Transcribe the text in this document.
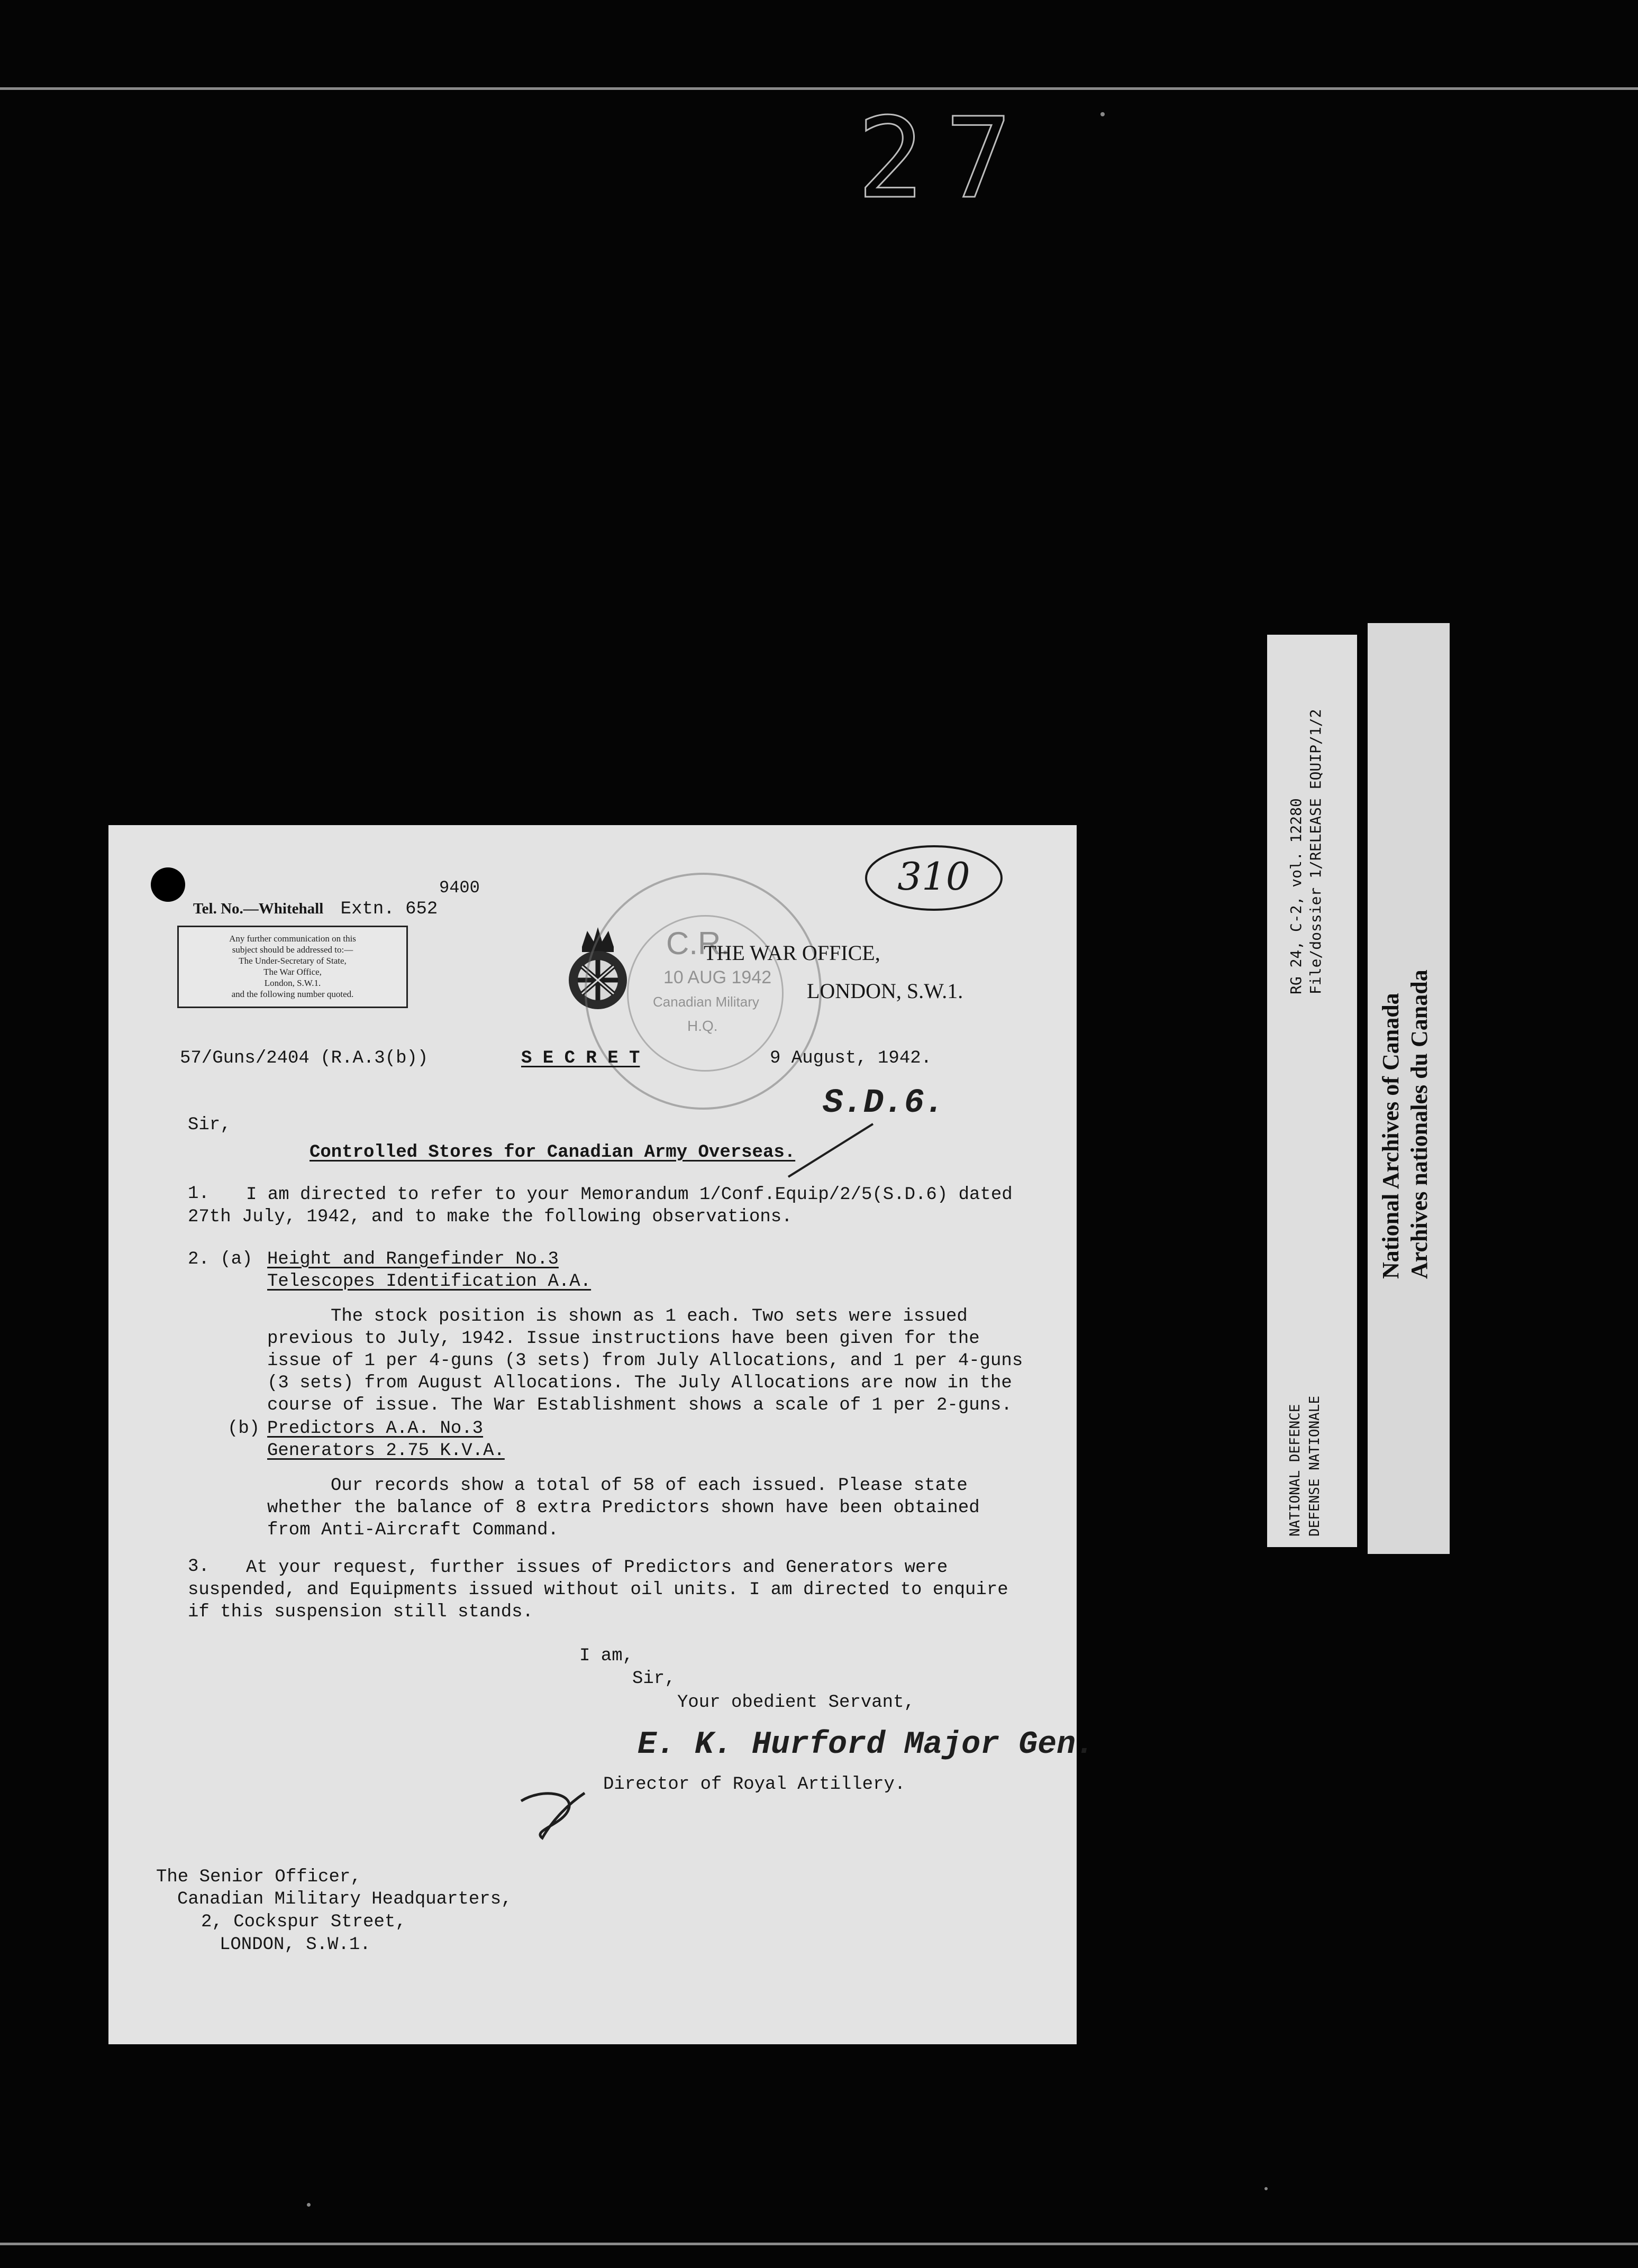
27
Tel. No.—Whitehall
9400
Extn. 652
Any further communication on this
subject should be addressed to:—
The Under-Secretary of State,
The War Office,
London, S.W.1.
and the following number quoted.
C.R.
10 AUG 1942
Canadian Military
H.Q.
310
THE WAR OFFICE,
LONDON, S.W.1.
57/Guns/2404 (R.A.3(b))	S E C R E T	9 August, 1942.
S.D.6.
Sir,
Controlled Stores for Canadian Army Overseas.
1.	I am directed to refer to your Memorandum 1/Conf.Equip/2/5(S.D.6) dated 27th July, 1942, and to make the following observations.
2. (a) Height and Rangefinder No.3
Telescopes Identification A.A.
The stock position is shown as 1 each. Two sets were issued previous to July, 1942. Issue instructions have been given for the issue of 1 per 4-guns (3 sets) from July Allocations, and 1 per 4-guns (3 sets) from August Allocations. The July Allocations are now in the course of issue. The War Establishment shows a scale of 1 per 2-guns.
(b) Predictors A.A. No.3
Generators 2.75 K.V.A.
Our records show a total of 58 of each issued. Please state whether the balance of 8 extra Predictors shown have been obtained from Anti-Aircraft Command.
3.	At your request, further issues of Predictors and Generators were suspended, and Equipments issued without oil units. I am directed to enquire if this suspension still stands.
I am,
Sir,
Your obedient Servant,
E. K. Hurford Major Gen.
Director of Royal Artillery.
The Senior Officer,
Canadian Military Headquarters,
2, Cockspur Street,
LONDON, S.W.1.
RG 24, C-2, vol. 12280 File/dossier 1/RELEASE EQUIP/1/2
NATIONAL DEFENCE DEFENSE NATIONALE
National Archives of Canada Archives nationales du Canada
